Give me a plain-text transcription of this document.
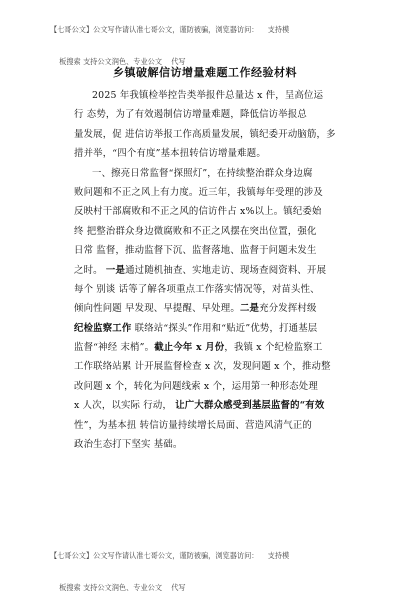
【七哥公文】公文写作请认准七哥公文，谨防被骗，浏览器访问：    支持模

板搜索 支持公文润色、专业公文    代写

乡镇破解信访增量难题工作经验材料
2025 年我镇检举控告类举报件总量达 x 件，呈高位运
行 态势，为了有效遏制信访增量难题，降低信访举报总
量发展，促 进信访举报工作高质量发展，镇纪委开动脑筋，多
措并举，“四个有度”基本扭转信访增量难题。
一、擦亮日常监督“探照灯”，在持续整治群众身边腐
败问题和不正之风上有力度。近三年，我镇每年受理的涉及
反映村干部腐败和不正之风的信访件占 x%以上。镇纪委始
终 把整治群众身边微腐败和不正之风摆在突出位置，强化
日常 监督，推动监督下沉、监督落地、监督于问题未发生
之时。 一是通过随机抽查、实地走访、现场查阅资料、开展
每个 别谈 话等了解各项重点工作落实情况等，对苗头性、
倾向性问题 早发现、早提醒、早处理。二是充分发挥村级
纪检监察工作 联络站“探头”作用和“贴近”优势，打通基层
监督“神经 末梢”。截止今年 x 月份，我镇 x 个纪检监察工
工作联络站累 计开展监督检查 x 次，发现问题 x 个，推动整
改问题 x 个，转化为问题线索 x 个，运用第一种形态处理
x 人次，以实际 行动， 让广大群众感受到基层监督的“有效
性”，为基本扭 转信访量持续增长局面、营造风清气正的
政治生态打下坚实 基础。

【七哥公文】公文写作请认准七哥公文，谨防被骗，浏览器访问：    支持模

板搜索 支持公文润色、专业公文    代写
